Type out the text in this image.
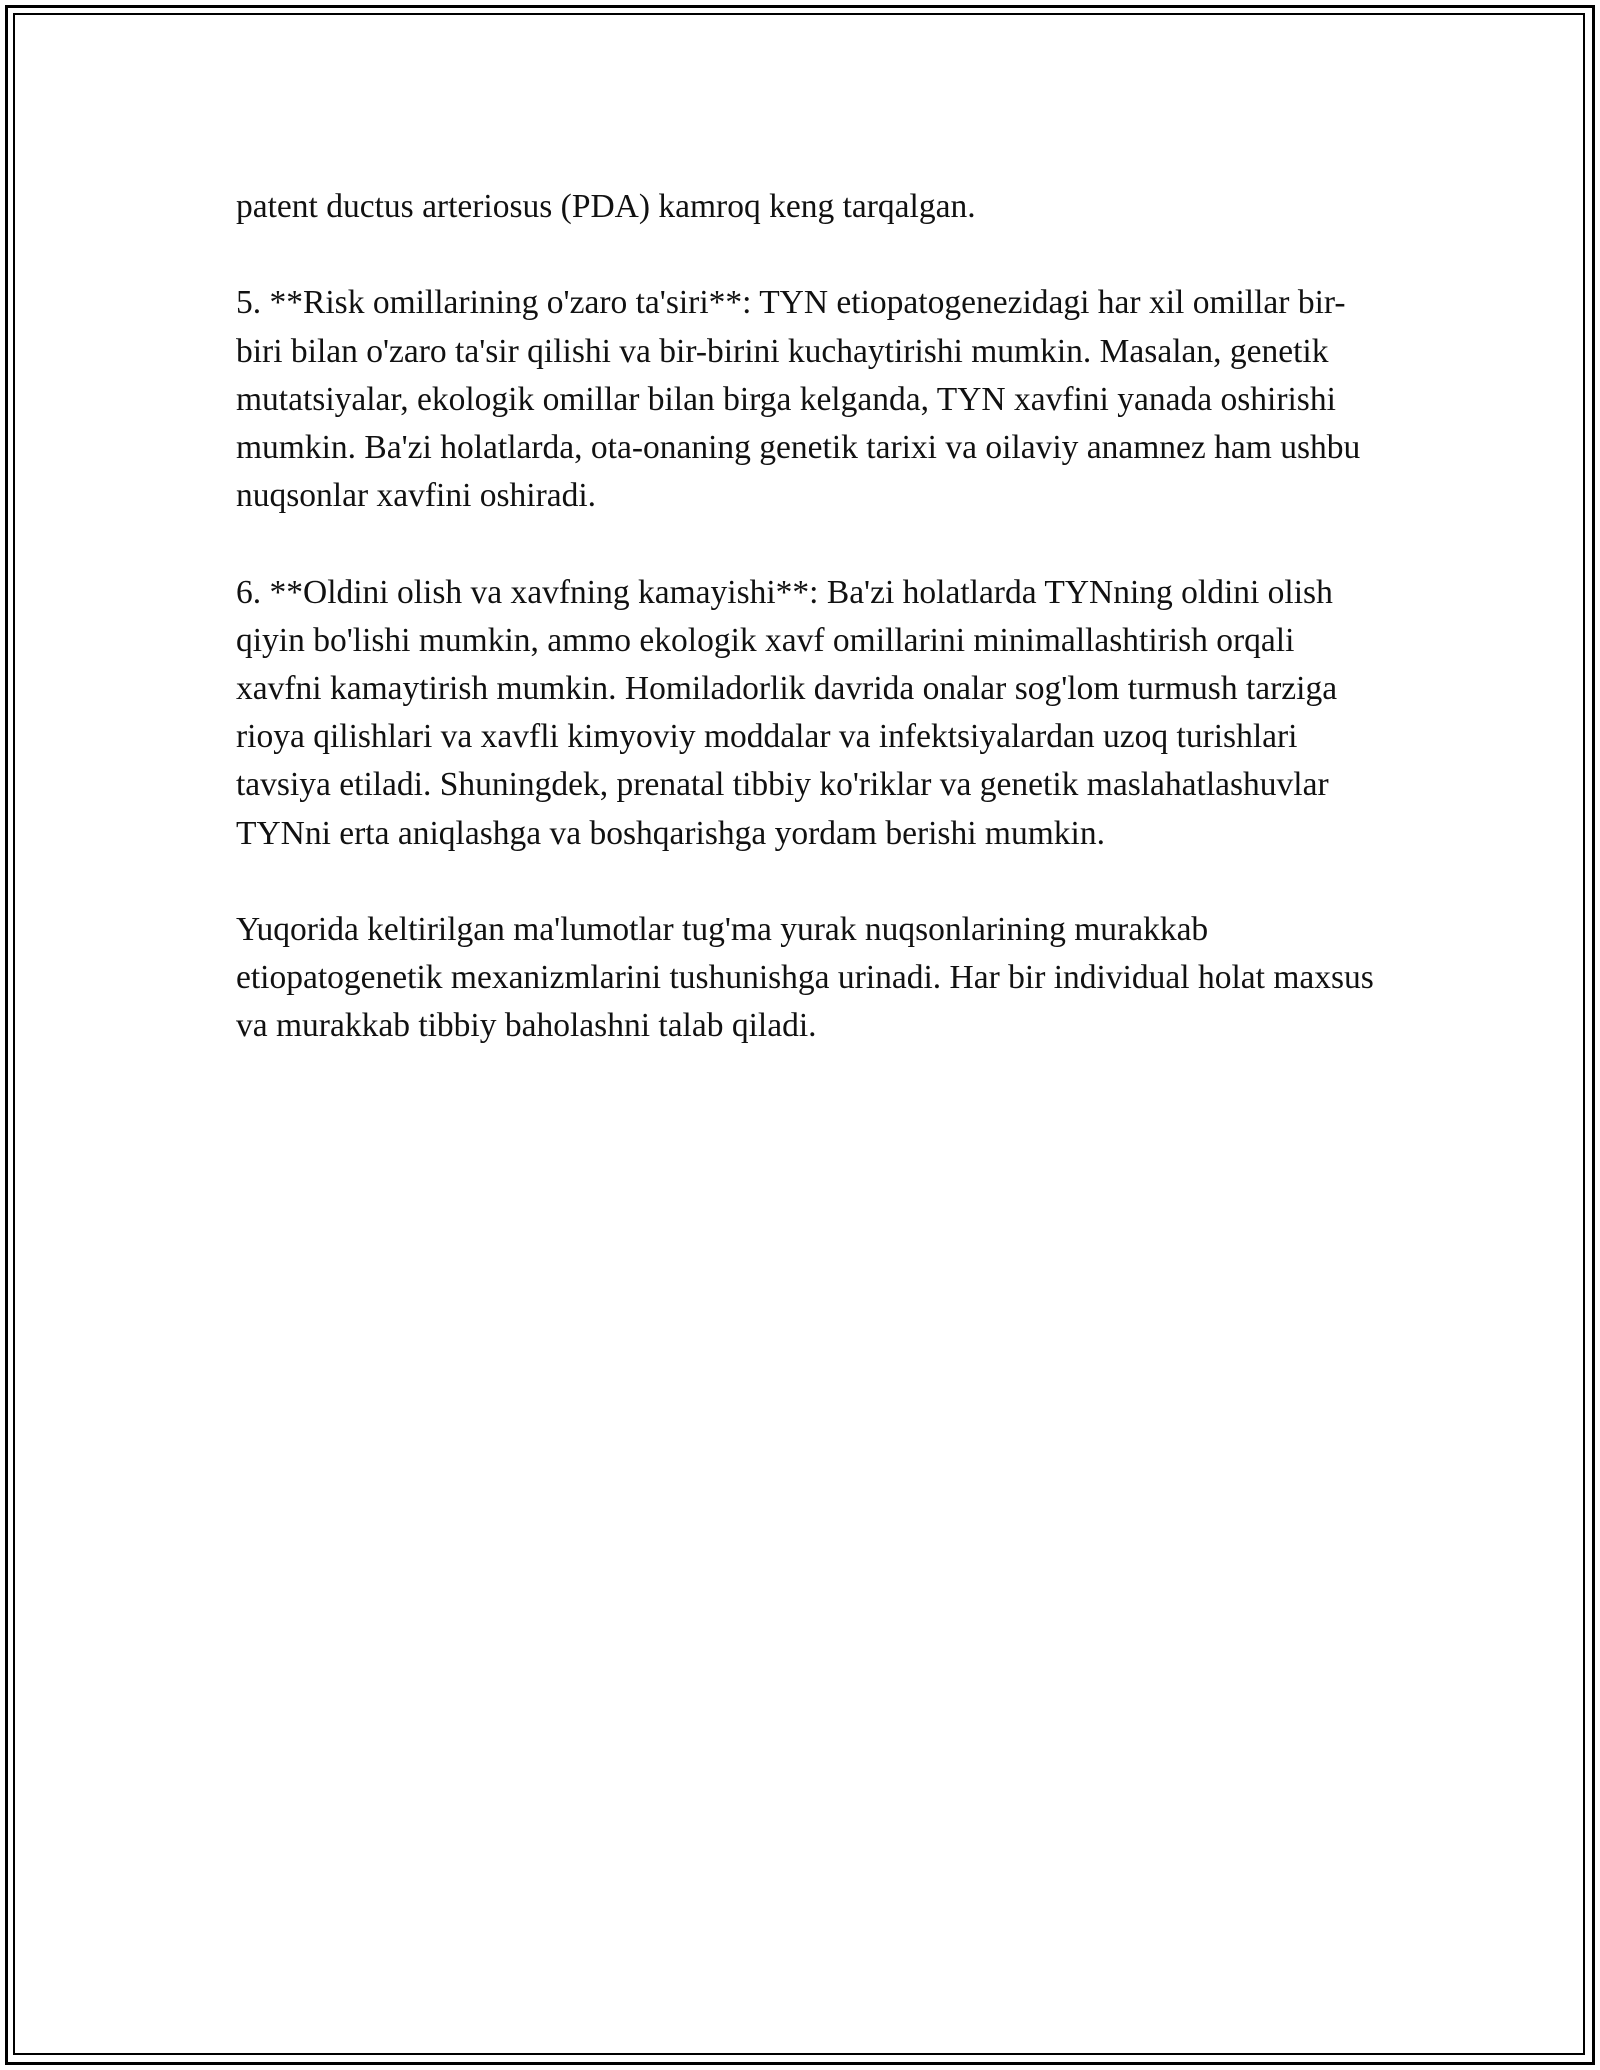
patent ductus arteriosus (PDA) kamroq keng tarqalgan.

5. **Risk omillarining o'zaro ta'siri**: TYN etiopatogenezidagi har xil omillar bir-biri bilan o'zaro ta'sir qilishi va bir-birini kuchaytirishi mumkin. Masalan, genetik mutatsiyalar, ekologik omillar bilan birga kelganda, TYN xavfini yanada oshirishi mumkin. Ba'zi holatlarda, ota-onaning genetik tarixi va oilaviy anamnez ham ushbu nuqsonlar xavfini oshiradi.

6. **Oldini olish va xavfning kamayishi**: Ba'zi holatlarda TYNning oldini olish qiyin bo'lishi mumkin, ammo ekologik xavf omillarini minimallashtirish orqali xavfni kamaytirish mumkin. Homiladorlik davrida onalar sog'lom turmush tarziga rioya qilishlari va xavfli kimyoviy moddalar va infektsiyalardan uzoq turishlari tavsiya etiladi. Shuningdek, prenatal tibbiy ko'riklar va genetik maslahatlashuvlar TYNni erta aniqlashga va boshqarishga yordam berishi mumkin.

Yuqorida keltirilgan ma'lumotlar tug'ma yurak nuqsonlarining murakkab etiopatogenetik mexanizmlarini tushunishga urinadi. Har bir individual holat maxsus va murakkab tibbiy baholashni talab qiladi.
